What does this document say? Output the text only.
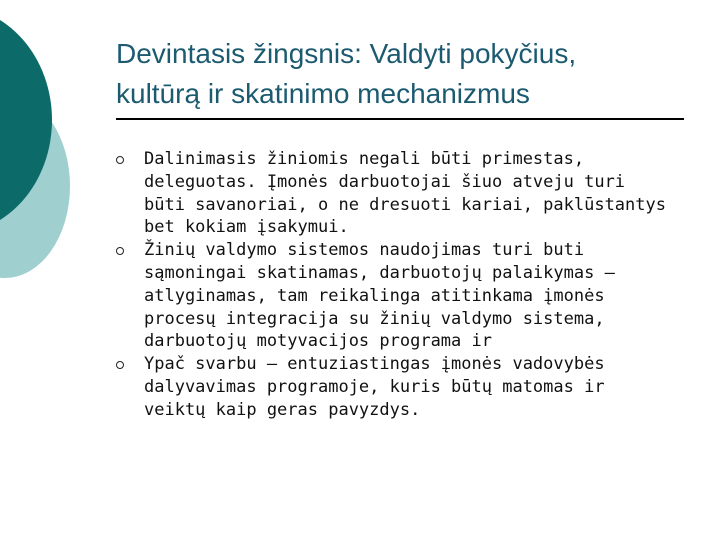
Devintasis žingsnis: Valdyti pokyčius,
kultūrą ir skatinimo mechanizmus
Dalinimasis žiniomis negali būti primestas,
deleguotas. Įmonės darbuotojai šiuo atveju turi
būti savanoriai, o ne dresuoti kariai, paklūstantys
bet kokiam įsakymui.
Žinių valdymo sistemos naudojimas turi buti
sąmoningai skatinamas, darbuotojų palaikymas –
atlyginamas, tam reikalinga atitinkama įmonės
procesų integracija su žinių valdymo sistema,
darbuotojų motyvacijos programa ir
Ypač svarbu – entuziastingas įmonės vadovybės
dalyvavimas programoje, kuris būtų matomas ir
veiktų kaip geras pavyzdys.
